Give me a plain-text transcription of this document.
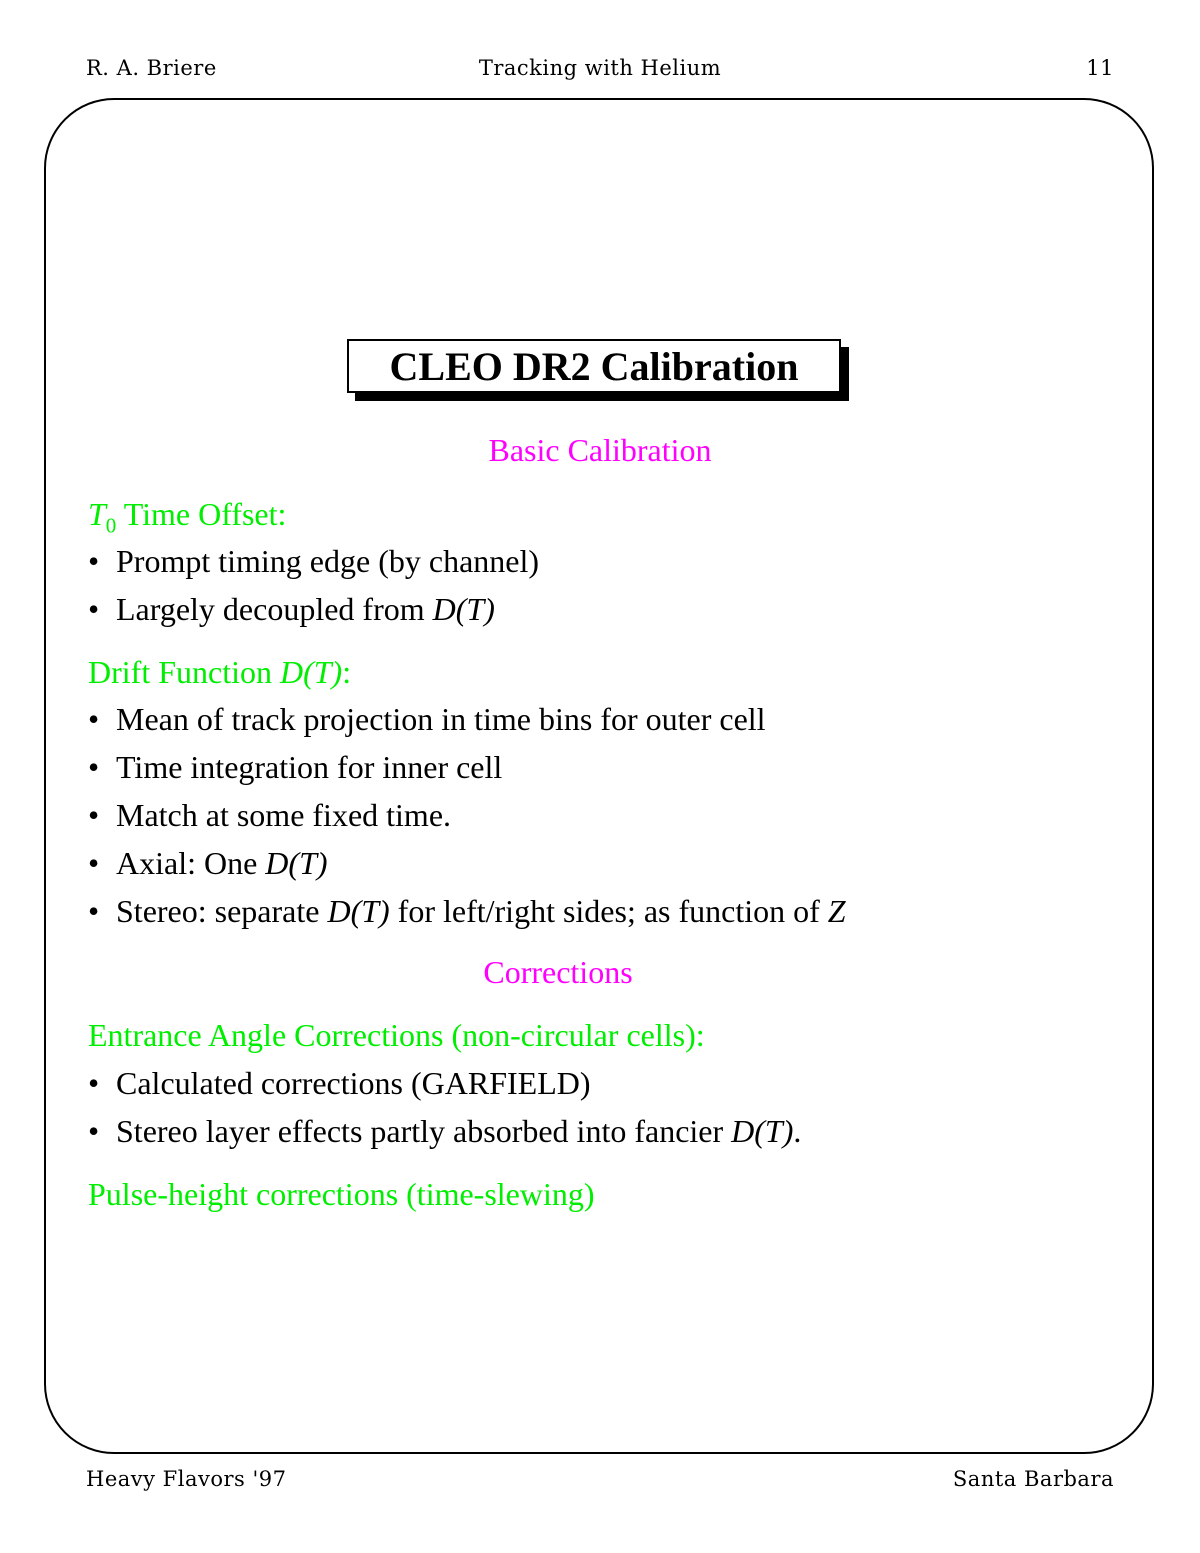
R. A. Briere	Tracking with Helium	11
CLEO DR2 Calibration
Basic Calibration
$T_0$ Time Offset:
• Prompt timing edge (by channel)
• Largely decoupled from D(T)
Drift Function D(T):
• Mean of track projection in time bins for outer cell
• Time integration for inner cell
• Match at some fixed time.
• Axial: One D(T)
• Stereo: separate D(T) for left/right sides; as function of Z
Corrections
Entrance Angle Corrections (non-circular cells):
• Calculated corrections (GARFIELD)
• Stereo layer effects partly absorbed into fancier D(T).
Pulse-height corrections (time-slewing)
Heavy Flavors '97	Santa Barbara
